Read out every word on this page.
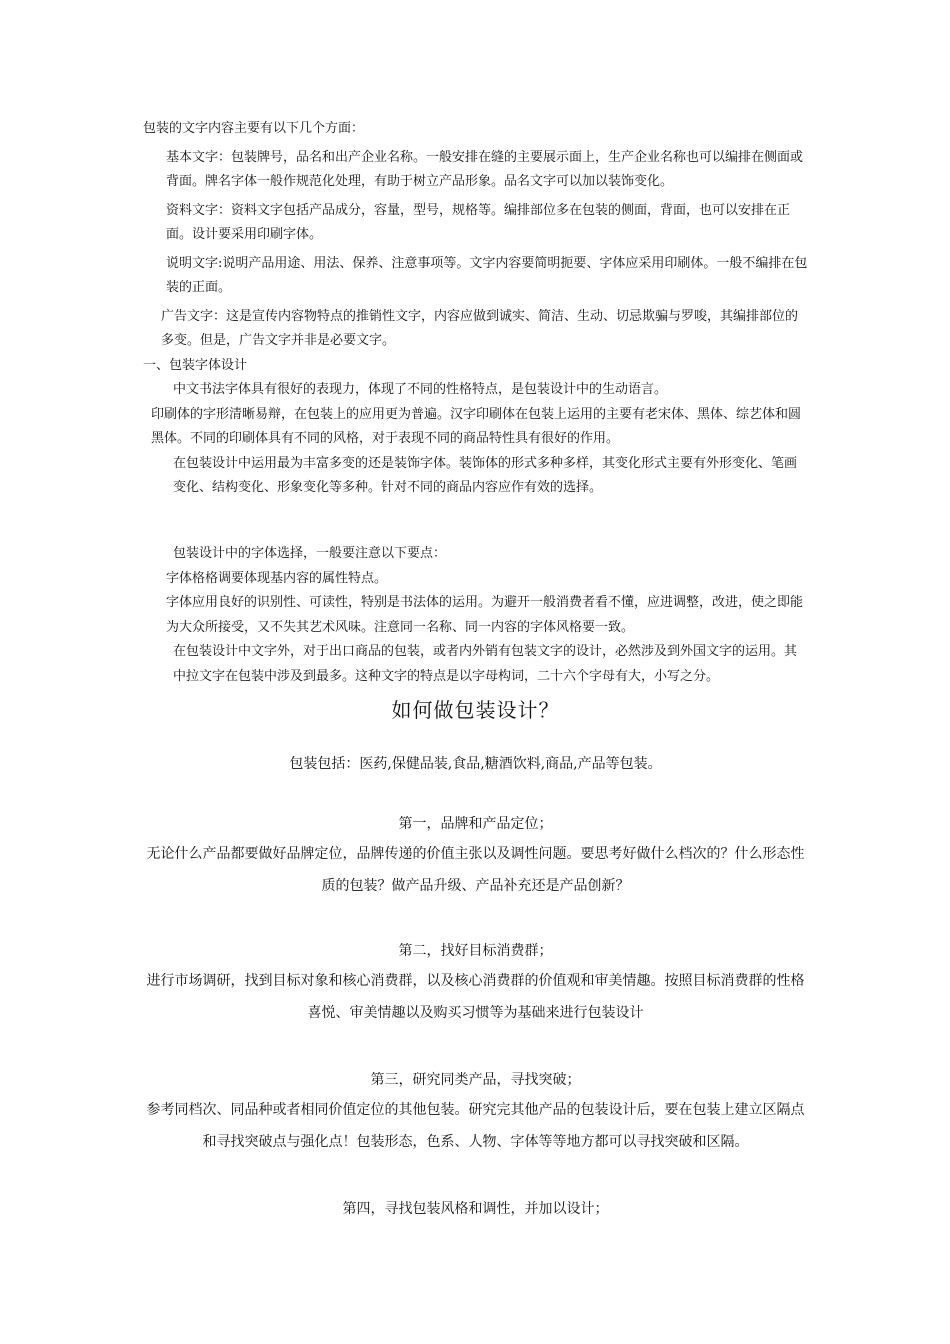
包装的文字内容主要有以下几个方面：

基本文字：包装牌号，品名和出产企业名称。一般安排在缝的主要展示面上，生产企业名称也可以编排在侧面或背面。牌名字体一般作规范化处理，有助于树立产品形象。品名文字可以加以装饰变化。

资料文字：资料文字包括产品成分，容量，型号，规格等。编排部位多在包装的侧面，背面，也可以安排在正面。设计要采用印刷字体。

说明文字:说明产品用途、用法、保养、注意事项等。文字内容要简明扼要、字体应采用印刷体。一般不编排在包装的正面。

广告文字：这是宣传内容物特点的推销性文字，内容应做到诚实、简洁、生动、切忌欺骗与罗唆，其编排部位的多变。但是，广告文字并非是必要文字。

一、包装字体设计

中文书法字体具有很好的表现力，体现了不同的性格特点，是包装设计中的生动语言。

印刷体的字形清晰易辩，在包装上的应用更为普遍。汉字印刷体在包装上运用的主要有老宋体、黑体、综艺体和圆黑体。不同的印刷体具有不同的风格，对于表现不同的商品特性具有很好的作用。

在包装设计中运用最为丰富多变的还是装饰字体。装饰体的形式多种多样，其变化形式主要有外形变化、笔画变化、结构变化、形象变化等多种。针对不同的商品内容应作有效的选择。

包装设计中的字体选择，一般要注意以下要点：

字体格格调要体现基内容的属性特点。

字体应用良好的识别性、可读性，特别是书法体的运用。为避开一般消费者看不懂，应进调整，改进，使之即能为大众所接受，又不失其艺术风味。注意同一名称、同一内容的字体风格要一致。

在包装设计中文字外，对于出口商品的包装，或者内外销有包装文字的设计，必然涉及到外国文字的运用。其中拉文字在包装中涉及到最多。这种文字的特点是以字母构词，二十六个字母有大，小写之分。

如何做包装设计？

包装包括：医药,保健品装,食品,糖酒饮料,商品,产品等包装。

第一，品牌和产品定位；

无论什么产品都要做好品牌定位，品牌传递的价值主张以及调性问题。要思考好做什么档次的？什么形态性质的包装？做产品升级、产品补充还是产品创新？

第二，找好目标消费群；

进行市场调研，找到目标对象和核心消费群，以及核心消费群的价值观和审美情趣。按照目标消费群的性格喜悦、审美情趣以及购买习惯等为基础来进行包装设计

第三，研究同类产品，寻找突破；

参考同档次、同品种或者相同价值定位的其他包装。研究完其他产品的包装设计后，要在包装上建立区隔点和寻找突破点与强化点！包装形态，色系、人物、字体等等地方都可以寻找突破和区隔。

第四，寻找包装风格和调性，并加以设计；
